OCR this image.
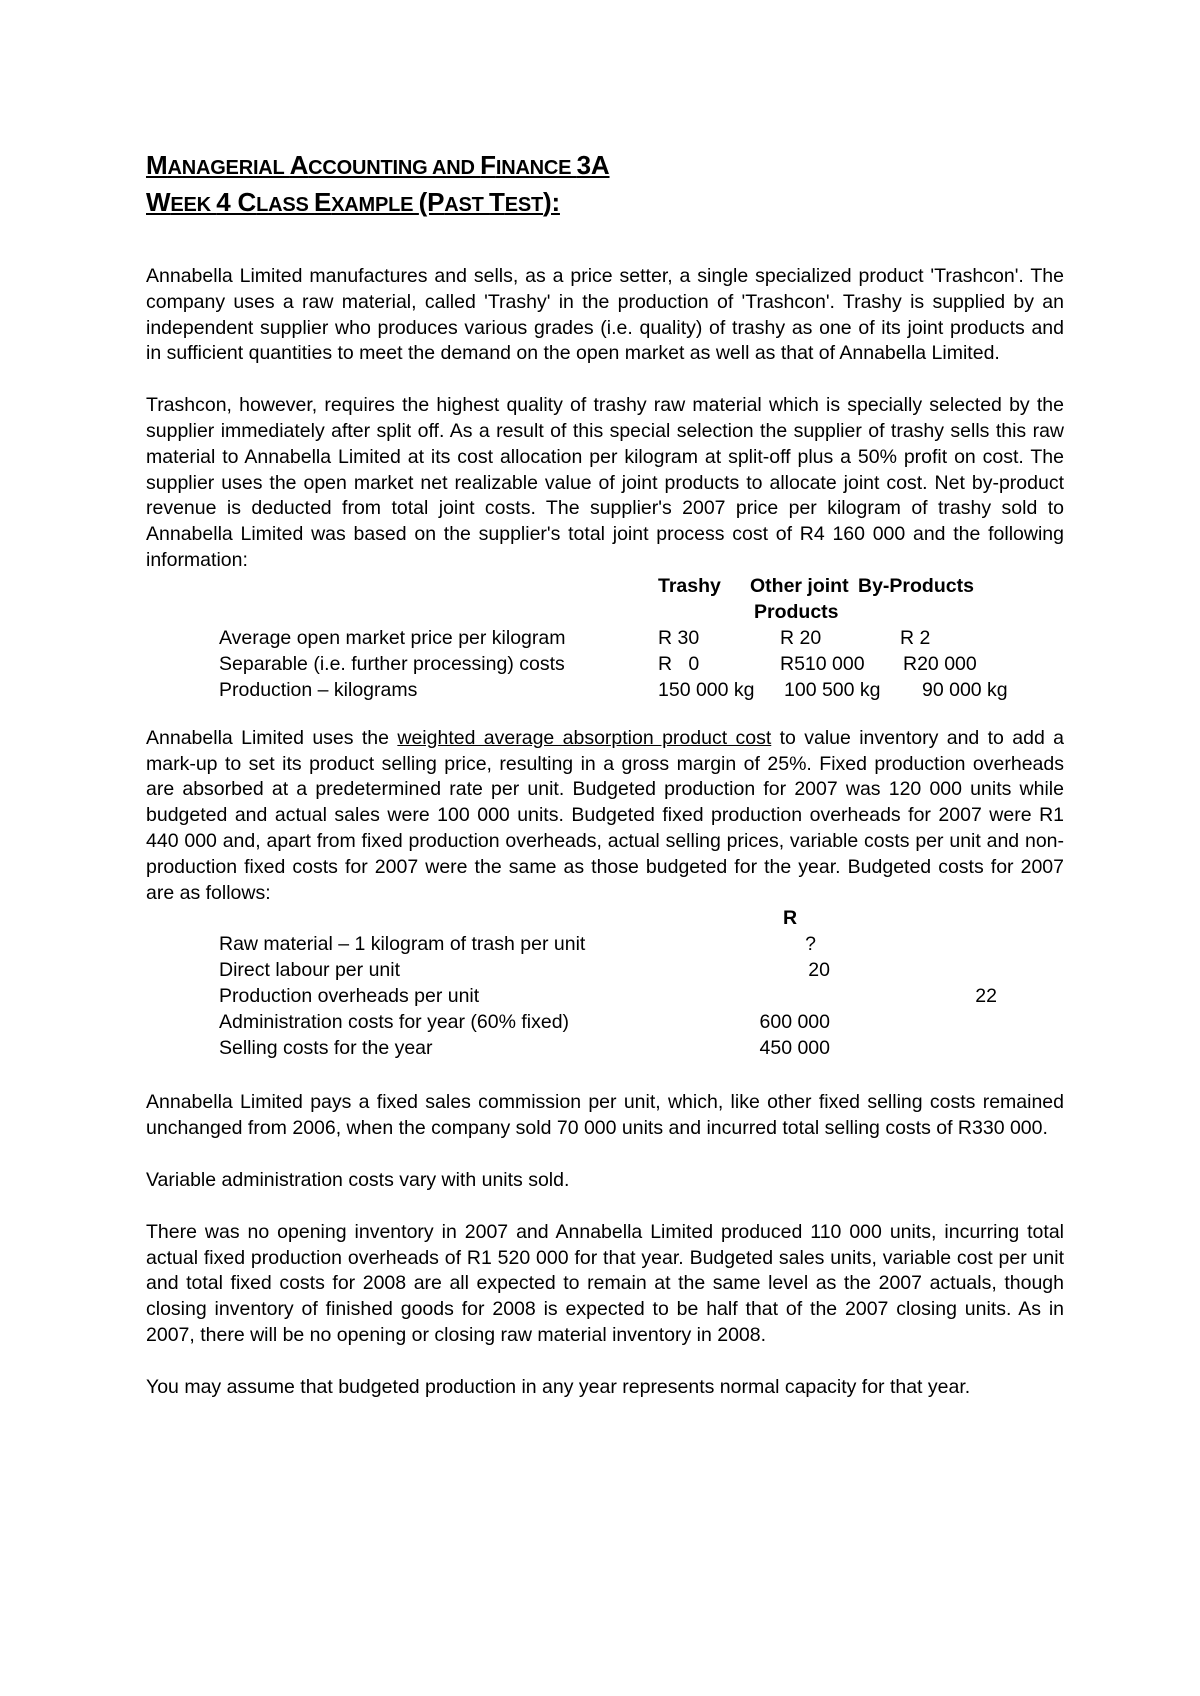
MANAGERIAL ACCOUNTING AND FINANCE 3A
WEEK 4 CLASS EXAMPLE (PAST TEST):

Annabella Limited manufactures and sells, as a price setter, a single specialized product 'Trashcon'. The company uses a raw material, called 'Trashy' in the production of 'Trashcon'. Trashy is supplied by an independent supplier who produces various grades (i.e. quality) of trashy as one of its joint products and in sufficient quantities to meet the demand on the open market as well as that of Annabella Limited.

Trashcon, however, requires the highest quality of trashy raw material which is specially selected by the supplier immediately after split off. As a result of this special selection the supplier of trashy sells this raw material to Annabella Limited at its cost allocation per kilogram at split-off plus a 50% profit on cost. The supplier uses the open market net realizable value of joint products to allocate joint cost. Net by-product revenue is deducted from total joint costs. The supplier's 2007 price per kilogram of trashy sold to Annabella Limited was based on the supplier's total joint process cost of R4 160 000 and the following information:

Trashy Other joint By-Products
Products
Average open market price per kilogram	R 30	R 20	R 2
Separable (i.e. further processing) costs	R   0	R510 000 R20 000
Production – kilograms	150 000 kg 100 500 kg 90 000 kg

Annabella Limited uses the weighted average absorption product cost to value inventory and to add a mark-up to set its product selling price, resulting in a gross margin of 25%. Fixed production overheads are absorbed at a predetermined rate per unit. Budgeted production for 2007 was 120 000 units while budgeted and actual sales were 100 000 units. Budgeted fixed production overheads for 2007 were R1 440 000 and, apart from fixed production overheads, actual selling prices, variable costs per unit and non-production fixed costs for 2007 were the same as those budgeted for the year. Budgeted costs for 2007 are as follows:

R
Raw material – 1 kilogram of trash per unit	?
Direct labour per unit	20
Production overheads per unit	22
Administration costs for year (60% fixed)	600 000
Selling costs for the year	450 000

Annabella Limited pays a fixed sales commission per unit, which, like other fixed selling costs remained unchanged from 2006, when the company sold 70 000 units and incurred total selling costs of R330 000.

Variable administration costs vary with units sold.

There was no opening inventory in 2007 and Annabella Limited produced 110 000 units, incurring total actual fixed production overheads of R1 520 000 for that year. Budgeted sales units, variable cost per unit and total fixed costs for 2008 are all expected to remain at the same level as the 2007 actuals, though closing inventory of finished goods for 2008 is expected to be half that of the 2007 closing units. As in 2007, there will be no opening or closing raw material inventory in 2008.

You may assume that budgeted production in any year represents normal capacity for that year.
